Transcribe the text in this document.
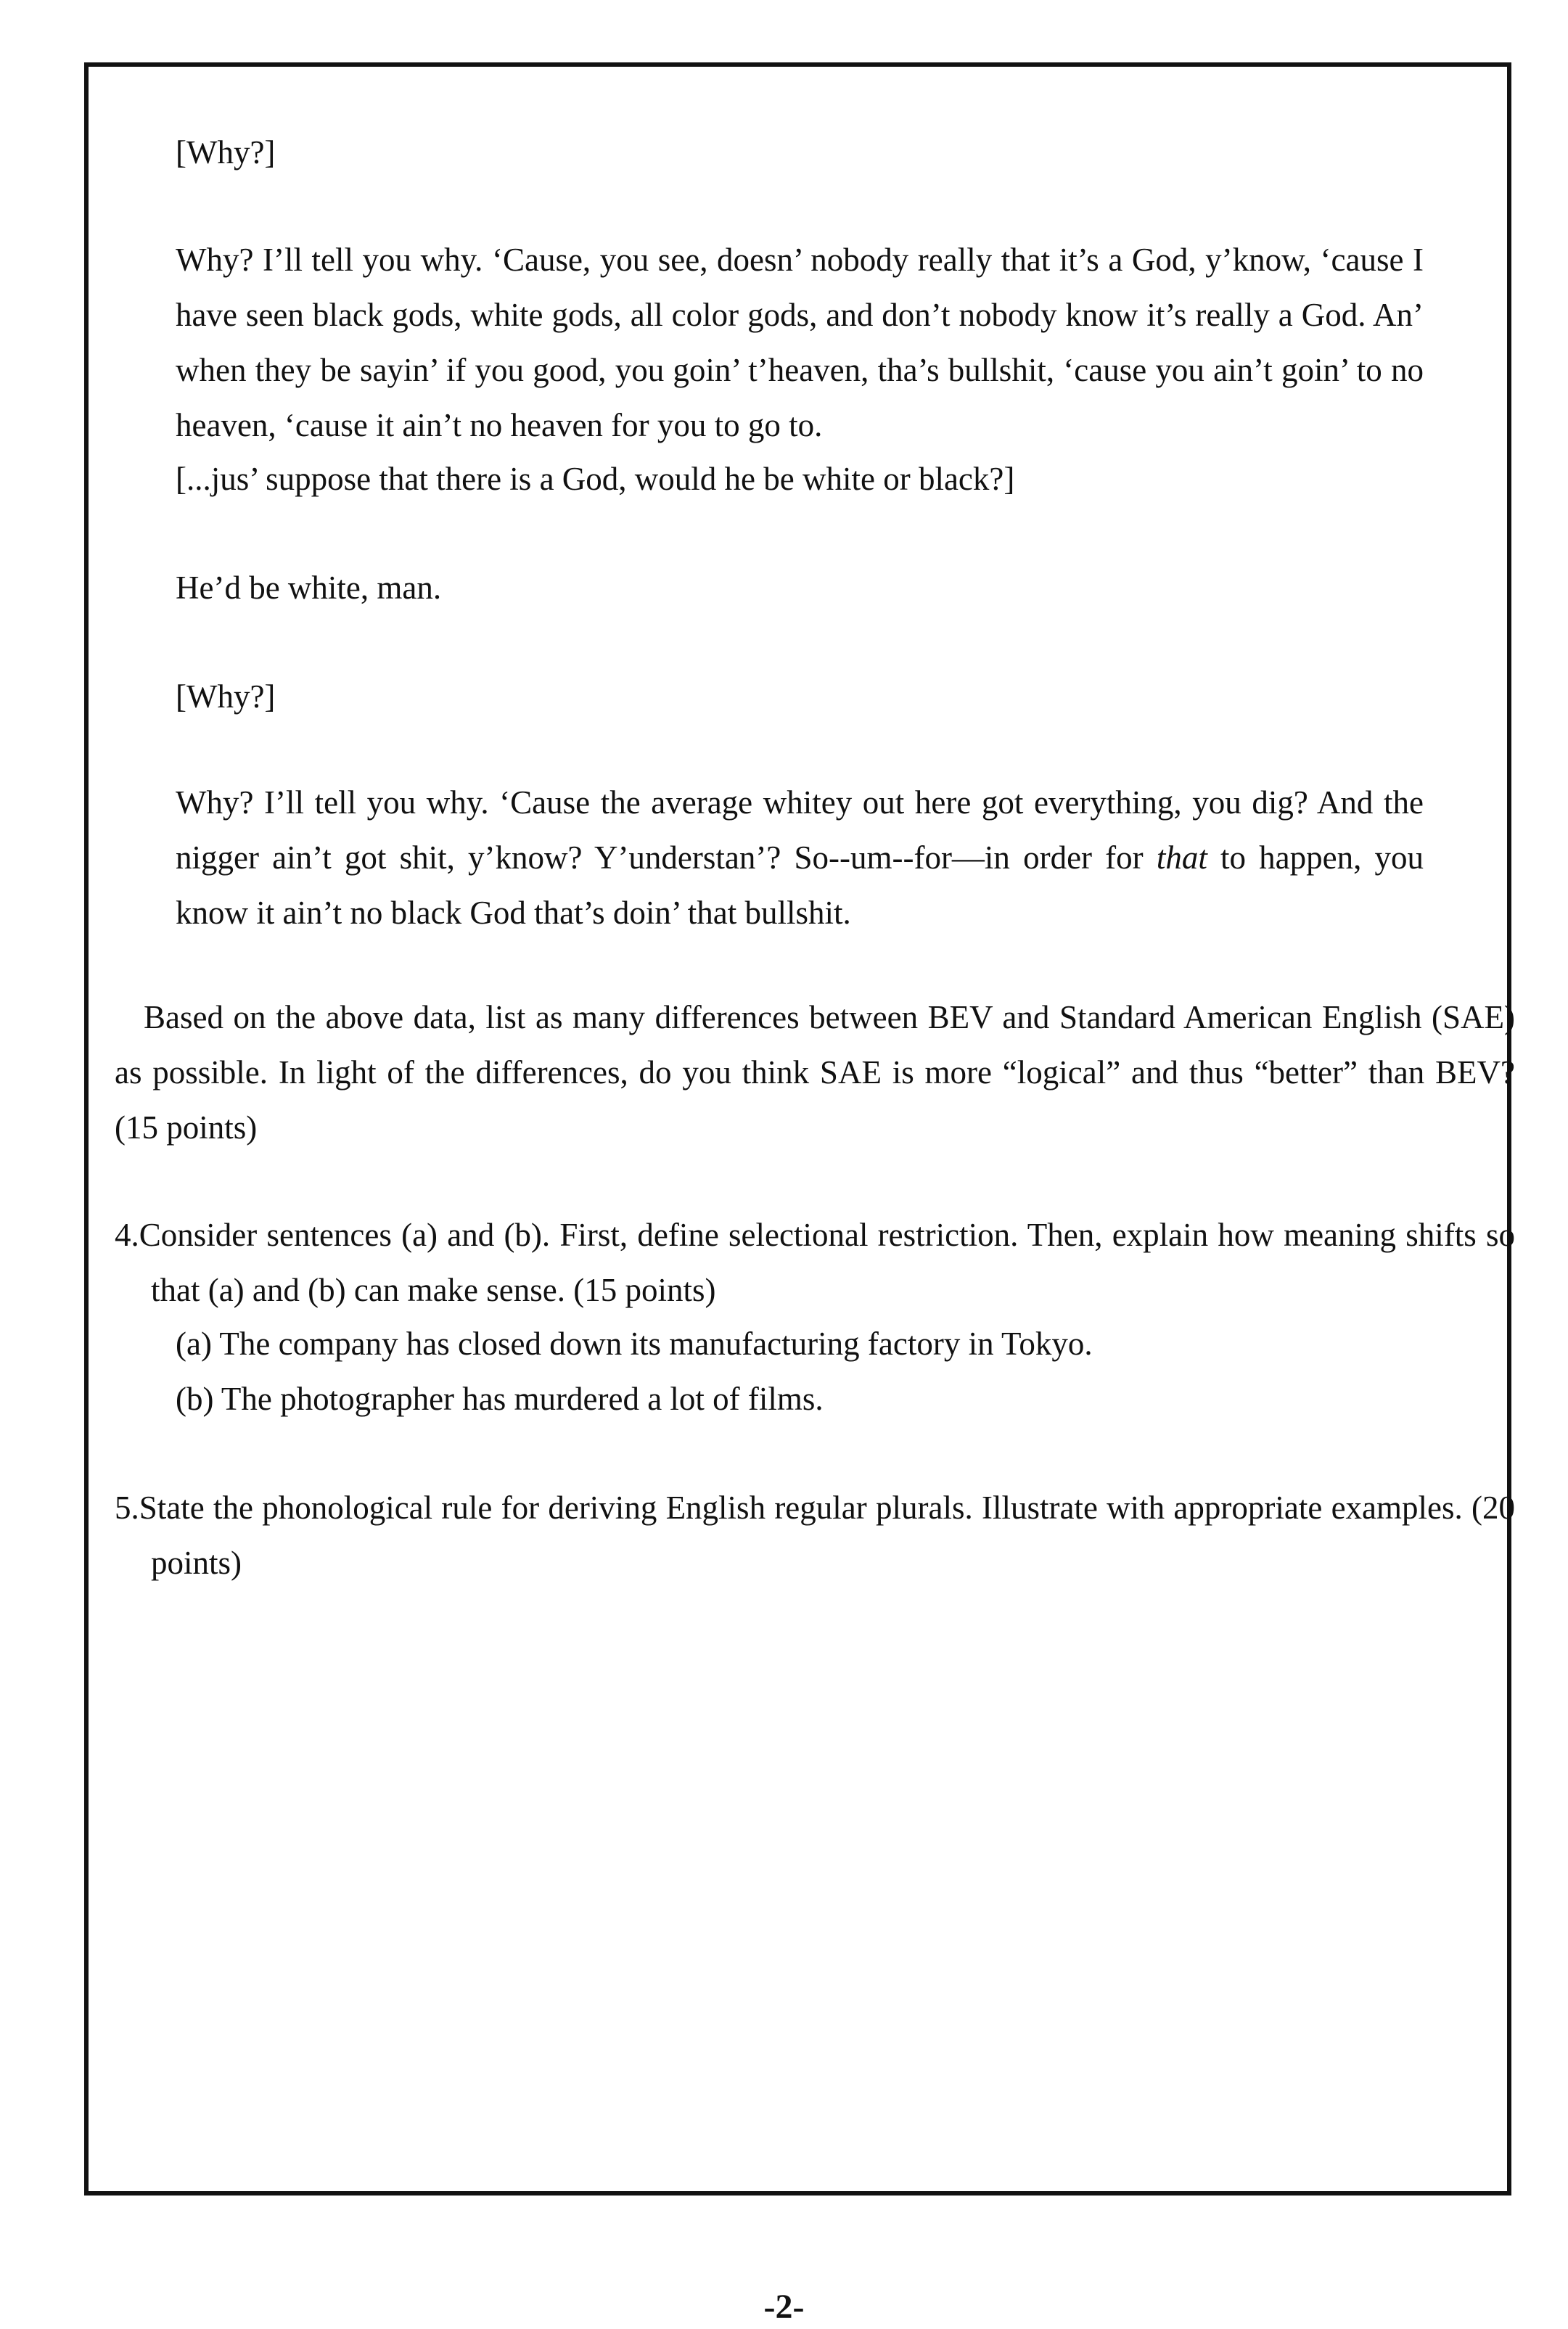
[Why?]

Why? I’ll tell you why. ‘Cause, you see, doesn’ nobody really that it’s a God, y’know, ‘cause I have seen black gods, white gods, all color gods, and don’t nobody know it’s really a God. An’ when they be sayin’ if you good, you goin’ t’heaven, tha’s bullshit, ‘cause you ain’t goin’ to no heaven, ‘cause it ain’t no heaven for you to go to.

[...jus’ suppose that there is a God, would he be white or black?]

He’d be white, man.

[Why?]

Why? I’ll tell you why. ‘Cause the average whitey out here got everything, you dig? And the nigger ain’t got shit, y’know? Y’understan’? So--um--for—in order for that to happen, you know it ain’t no black God that’s doin’ that bullshit.

Based on the above data, list as many differences between BEV and Standard American English (SAE) as possible. In light of the differences, do you think SAE is more “logical” and thus “better” than BEV? (15 points)

4.Consider sentences (a) and (b). First, define selectional restriction. Then, explain how meaning shifts so that (a) and (b) can make sense. (15 points)

(a) The company has closed down its manufacturing factory in Tokyo.

(b) The photographer has murdered a lot of films.

5.State the phonological rule for deriving English regular plurals. Illustrate with appropriate examples. (20 points)

-2-
